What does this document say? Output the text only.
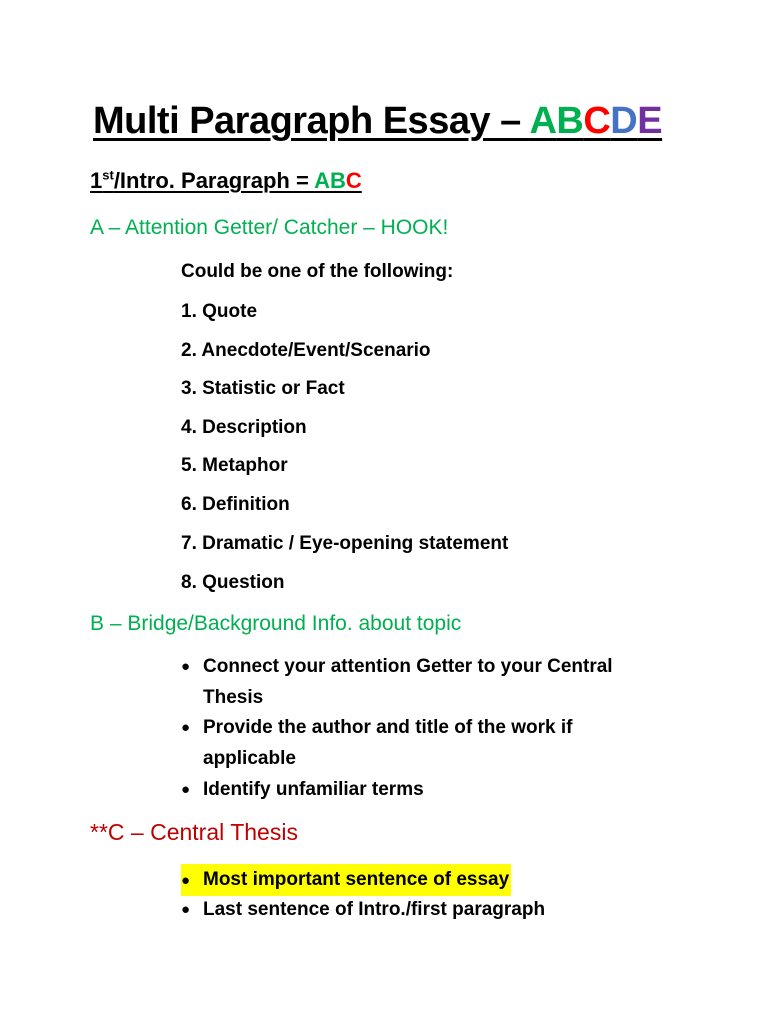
Multi Paragraph Essay – ABCDE
1st/Intro. Paragraph = ABC
A – Attention Getter/ Catcher – HOOK!
Could be one of the following:
1. Quote
2. Anecdote/Event/Scenario
3. Statistic or Fact
4. Description
5. Metaphor
6. Definition
7. Dramatic / Eye-opening statement
8. Question
B – Bridge/Background Info. about topic
● Connect your attention Getter to your Central Thesis
● Provide the author and title of the work if applicable
● Identify unfamiliar terms
**C – Central Thesis
● Most important sentence of essay
● Last sentence of Intro./first paragraph
